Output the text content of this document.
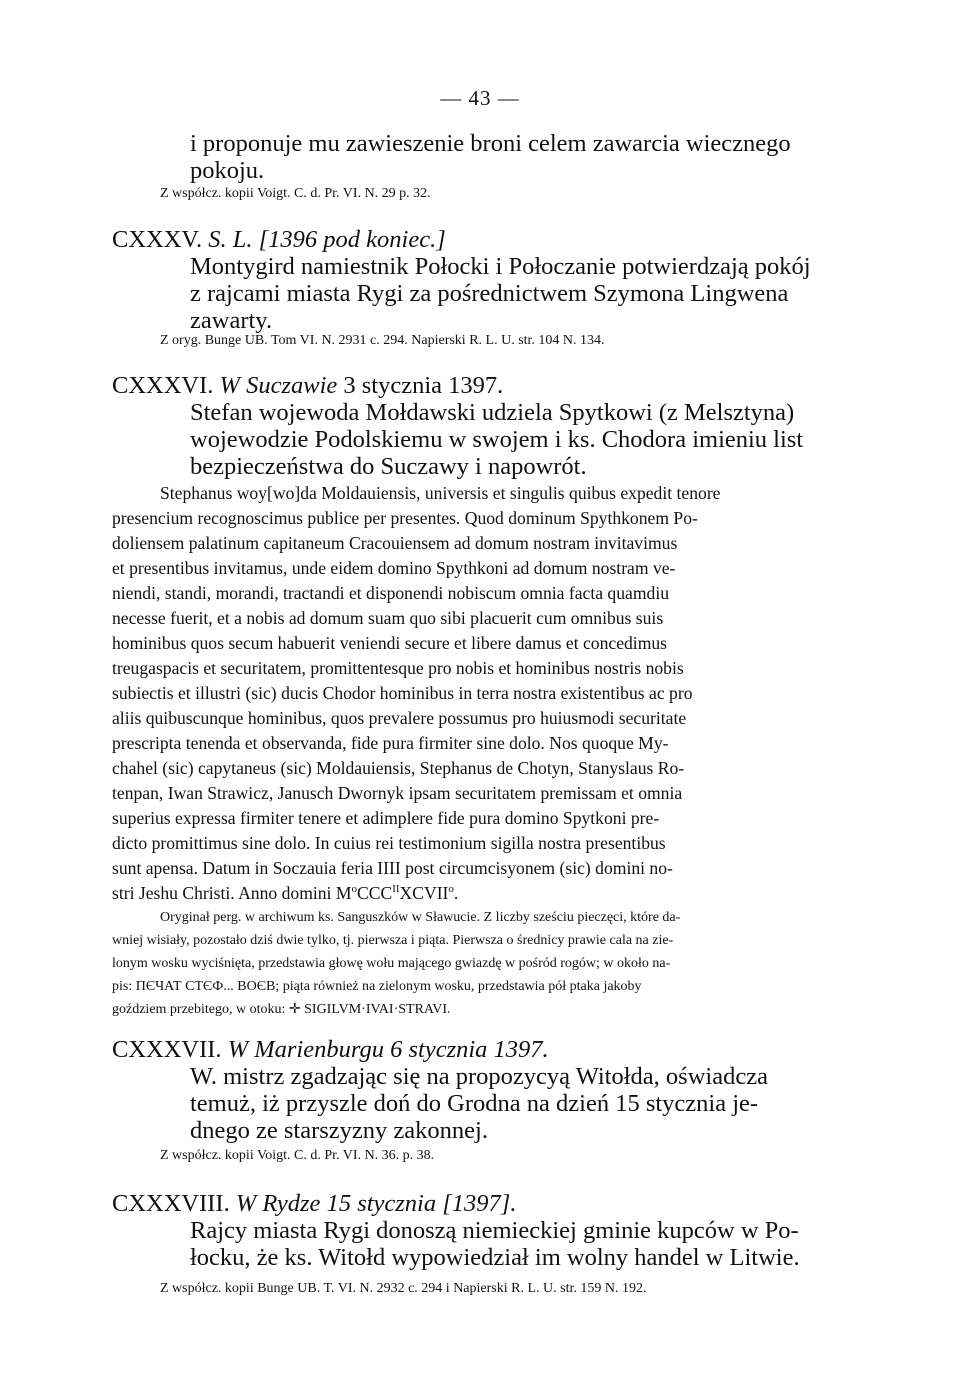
— 43 —
i proponuje mu zawieszenie broni celem zawarcia wiecznego
pokoju.
Z współcz. kopii Voigt. C. d. Pr. VI. N. 29 p. 32.
CXXXV. S. L. [1396 pod koniec.]
Montygird namiestnik Połocki i Połoczanie potwierdzają pokój
z rajcami miasta Rygi za pośrednictwem Szymona Lingwena
zawarty.
Z oryg. Bunge UB. Tom VI. N. 2931 c. 294. Napierski R. L. U. str. 104 N. 134.
CXXXVI. W Suczawie 3 stycznia 1397.
Stefan wojewoda Mołdawski udziela Spytkowi (z Melsztyna)
wojewodzie Podolskiemu w swojem i ks. Chodora imieniu list
bezpieczeństwa do Suczawy i napowrót.
Stephanus woy[wo]da Moldauiensis, universis et singulis quibus expedit tenore
presencium recognoscimus publice per presentes. Quod dominum Spythkonem Po-
doliensem palatinum capitaneum Cracouiensem ad domum nostram invitavimus
et presentibus invitamus, unde eidem domino Spythkoni ad domum nostram ve-
niendi, standi, morandi, tractandi et disponendi nobiscum omnia facta quamdiu
necesse fuerit, et a nobis ad domum suam quo sibi placuerit cum omnibus suis
hominibus quos secum habuerit veniendi secure et libere damus et concedimus
treugaspacis et securitatem, promittentesque pro nobis et hominibus nostris nobis
subiectis et illustri (sic) ducis Chodor hominibus in terra nostra existentibus ac pro
aliis quibuscunque hominibus, quos prevalere possumus pro huiusmodi securitate
prescripta tenenda et observanda, fide pura firmiter sine dolo. Nos quoque My-
chahel (sic) capytaneus (sic) Moldauiensis, Stephanus de Chotyn, Stanyslaus Ro-
tenpan, Iwan Strawicz, Janusch Dwornyk ipsam securitatem premissam et omnia
superius expressa firmiter tenere et adimplere fide pura domino Spytkoni pre-
dicto promittimus sine dolo. In cuius rei testimonium sigilla nostra presentibus
sunt apensa. Datum in Soczauia feria IIII post circumcisyonem (sic) domini no-
stri Jeshu Christi. Anno domini $M^oCCC^{II}XCVII^o$.
Oryginał perg. w archiwum ks. Sanguszków w Sławucie. Z liczby sześciu pieczęci, które da-
wniej wisiały, pozostało dziś dwie tylko, tj. pierwsza i piąta. Pierwsza o średnicy prawie cala na zie-
lonym wosku wyciśnięta, przedstawia głowę wołu mającego gwiazdę w pośród rogów; w około na-
pis: ПЄЧАТ СТЄФ... ВОЄВ; piąta również na zielonym wosku, przedstawia pół ptaka jakoby
goździem przebitego, w otoku: ✛ SIGILVM·IVAI·STRAVI.
CXXXVII. W Marienburgu 6 stycznia 1397.
W. mistrz zgadzając się na propozycyą Witołda, oświadcza
temuż, iż przyszle doń do Grodna na dzień 15 stycznia je-
dnego ze starszyzny zakonnej.
Z współcz. kopii Voigt. C. d. Pr. VI. N. 36. p. 38.
CXXXVIII. W Rydze 15 stycznia [1397].
Rajcy miasta Rygi donoszą niemieckiej gminie kupców w Po-
łocku, że ks. Witołd wypowiedział im wolny handel w Litwie.
Z współcz. kopii Bunge UB. T. VI. N. 2932 c. 294 i Napierski R. L. U. str. 159 N. 192.
